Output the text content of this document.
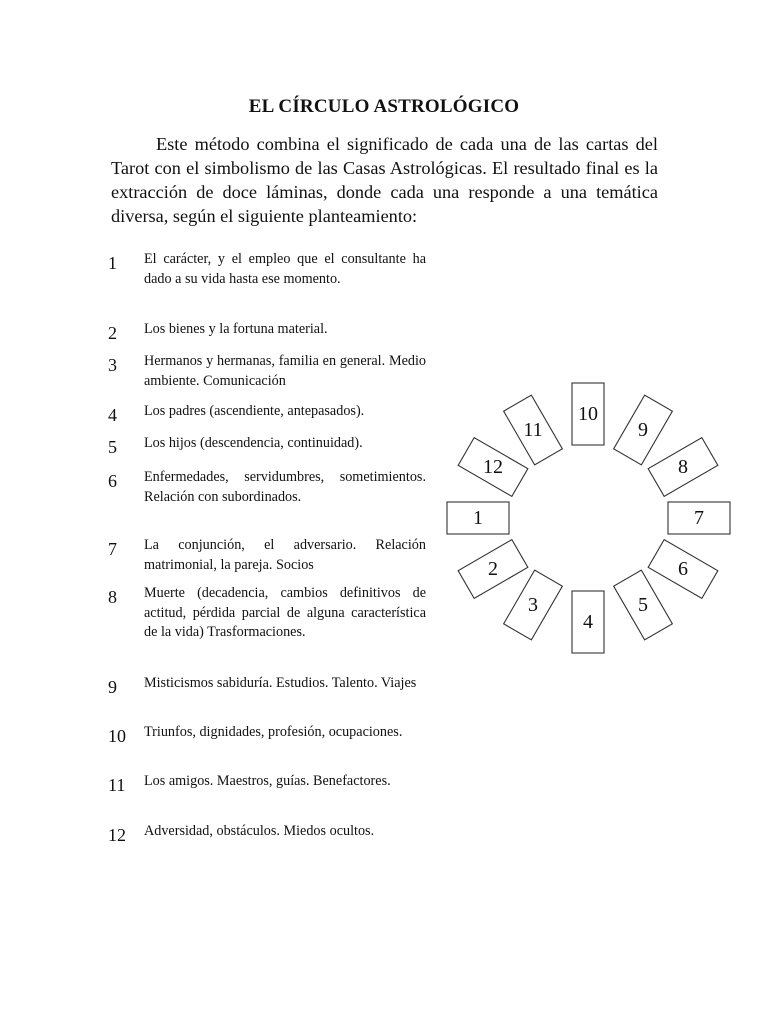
EL CÍRCULO ASTROLÓGICO

Este método combina el significado de cada una de las cartas del Tarot con el simbolismo de las Casas Astrológicas. El resultado final es la extracción de doce láminas, donde cada una responde a una temática diversa, según el siguiente planteamiento:

1	El carácter, y el empleo que el consultante ha dado a su vida hasta ese momento.
2	Los bienes y la fortuna material.
3	Hermanos y hermanas, familia en general. Medio ambiente. Comunicación
4	Los padres (ascendiente, antepasados).
5	Los hijos (descendencia, continuidad).
6	Enfermedades, servidumbres, sometimientos. Relación con subordinados.
7	La conjunción, el adversario. Relación matrimonial, la pareja. Socios
8	Muerte (decadencia, cambios definitivos de actitud, pérdida parcial de alguna característica de la vida) Trasformaciones.
9	Misticismos sabiduría. Estudios. Talento. Viajes
10	Triunfos, dignidades, profesión, ocupaciones.
11	Los amigos. Maestros, guías. Benefactores.
12	Adversidad, obstáculos. Miedos ocultos.
1
2
3
4
5
6
7
8
9
10
11
12
